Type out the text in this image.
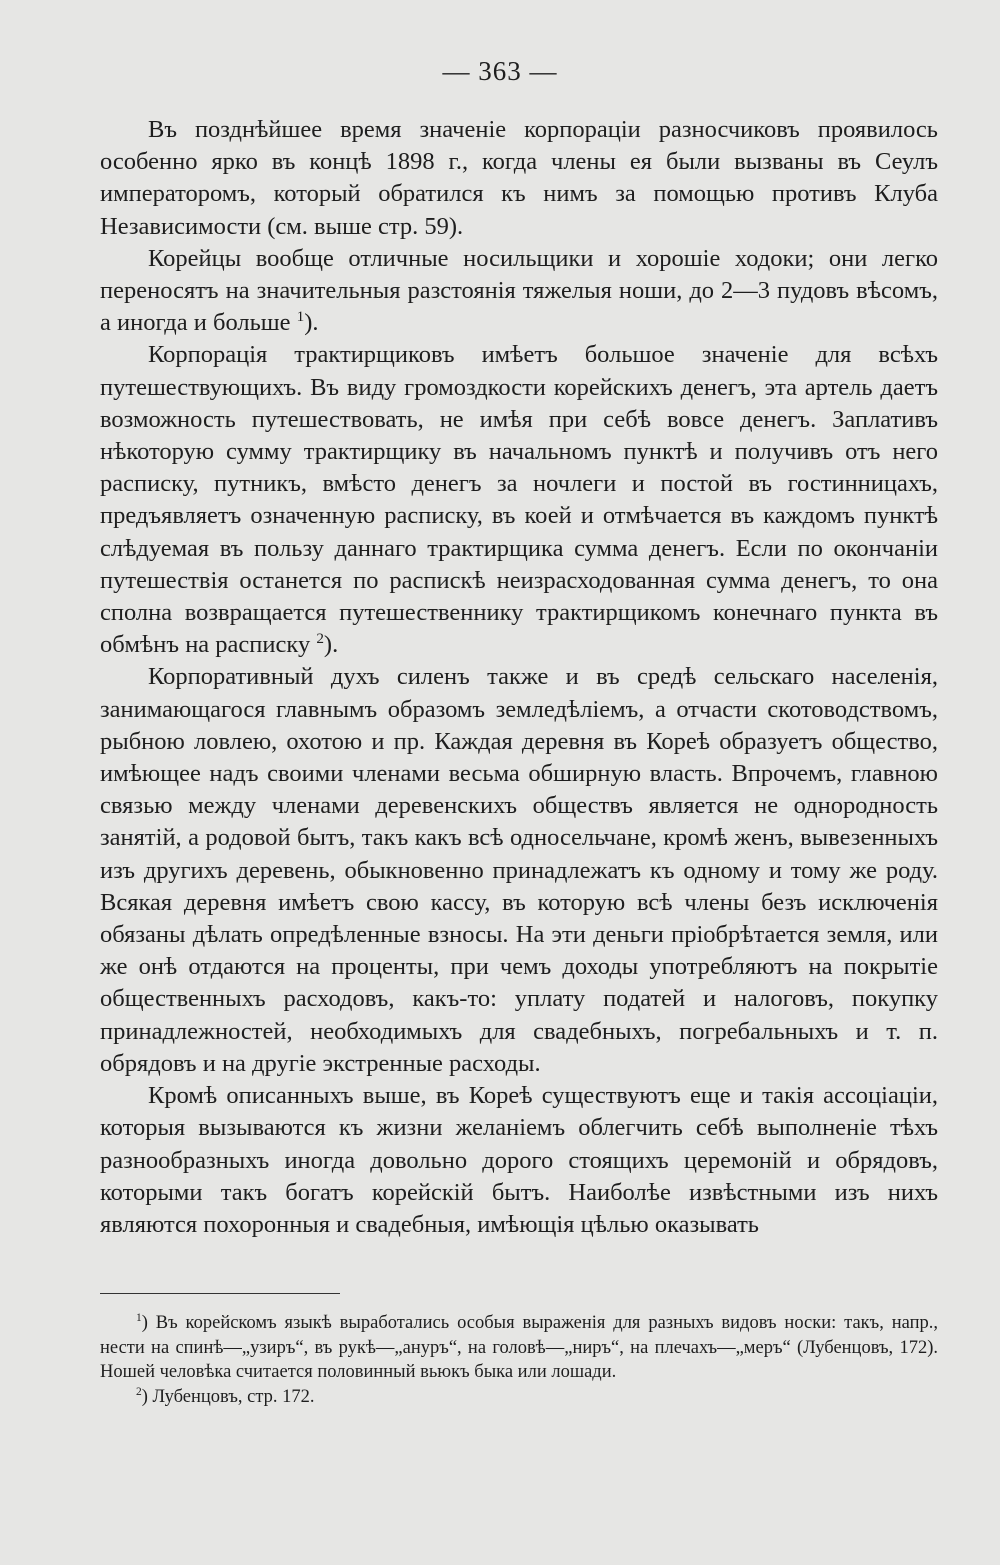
— 363 —

Въ позднѣйшее время значеніе корпораціи разносчиковъ проявилось особенно ярко въ концѣ 1898 г., когда члены ея были вызваны въ Сеулъ императоромъ, который обратился къ нимъ за помощью противъ Клуба Независимости (см. выше стр. 59).

Корейцы вообще отличные носильщики и хорошіе ходоки; они легко переносятъ на значительныя разстоянія тяжелыя ноши, до 2—3 пудовъ вѣсомъ, а иногда и больше $^1$).

Корпорація трактирщиковъ имѣетъ большое значеніе для всѣхъ путешествующихъ. Въ виду громоздкости корейскихъ денегъ, эта артель даетъ возможность путешествовать, не имѣя при себѣ вовсе денегъ. Заплативъ нѣкоторую сумму трактирщику въ начальномъ пунктѣ и получивъ отъ него расписку, путникъ, вмѣсто денегъ за ночлеги и постой въ гостинницахъ, предъявляетъ означенную расписку, въ коей и отмѣчается въ каждомъ пунктѣ слѣдуемая въ пользу даннаго трактирщика сумма денегъ. Если по окончаніи путешествія останется по распискѣ неизрасходованная сумма денегъ, то она сполна возвращается путешественнику трактирщикомъ конечнаго пункта въ обмѣнъ на расписку $^2$).

Корпоративный духъ силенъ также и въ средѣ сельскаго населенія, занимающагося главнымъ образомъ земледѣліемъ, а отчасти скотоводствомъ, рыбною ловлею, охотою и пр. Каждая деревня въ Кореѣ образуетъ общество, имѣющее надъ своими членами весьма обширную власть. Впрочемъ, главною связью между членами деревенскихъ обществъ является не однородность занятій, а родовой бытъ, такъ какъ всѣ односельчане, кромѣ женъ, вывезенныхъ изъ другихъ деревень, обыкновенно принадлежатъ къ одному и тому же роду. Всякая деревня имѣетъ свою кассу, въ которую всѣ члены безъ исключенія обязаны дѣлать опредѣленные взносы. На эти деньги пріобрѣтается земля, или же онѣ отдаются на проценты, при чемъ доходы употребляютъ на покрытіе общественныхъ расходовъ, какъ-то: уплату податей и налоговъ, покупку принадлежностей, необходимыхъ для свадебныхъ, погребальныхъ и т. п. обрядовъ и на другіе экстренные расходы.

Кромѣ описанныхъ выше, въ Кореѣ существуютъ еще и такія ассоціаціи, которыя вызываются къ жизни желаніемъ облегчить себѣ выполненіе тѣхъ разнообразныхъ иногда довольно дорого стоящихъ церемоній и обрядовъ, которыми такъ богатъ корейскій бытъ. Наиболѣе извѣстными изъ нихъ являются похоронныя и свадебныя, имѣющія цѣлью оказывать

$^1$) Въ корейскомъ языкѣ выработались особыя выраженія для разныхъ видовъ носки: такъ, напр., нести на спинѣ—„узиръ“, въ рукѣ—„ануръ“, на головѣ—„ниръ“, на плечахъ—„меръ“ (Лубенцовъ, 172). Ношей человѣка считается половинный вьюкъ быка или лошади.

$^2$) Лубенцовъ, стр. 172.
